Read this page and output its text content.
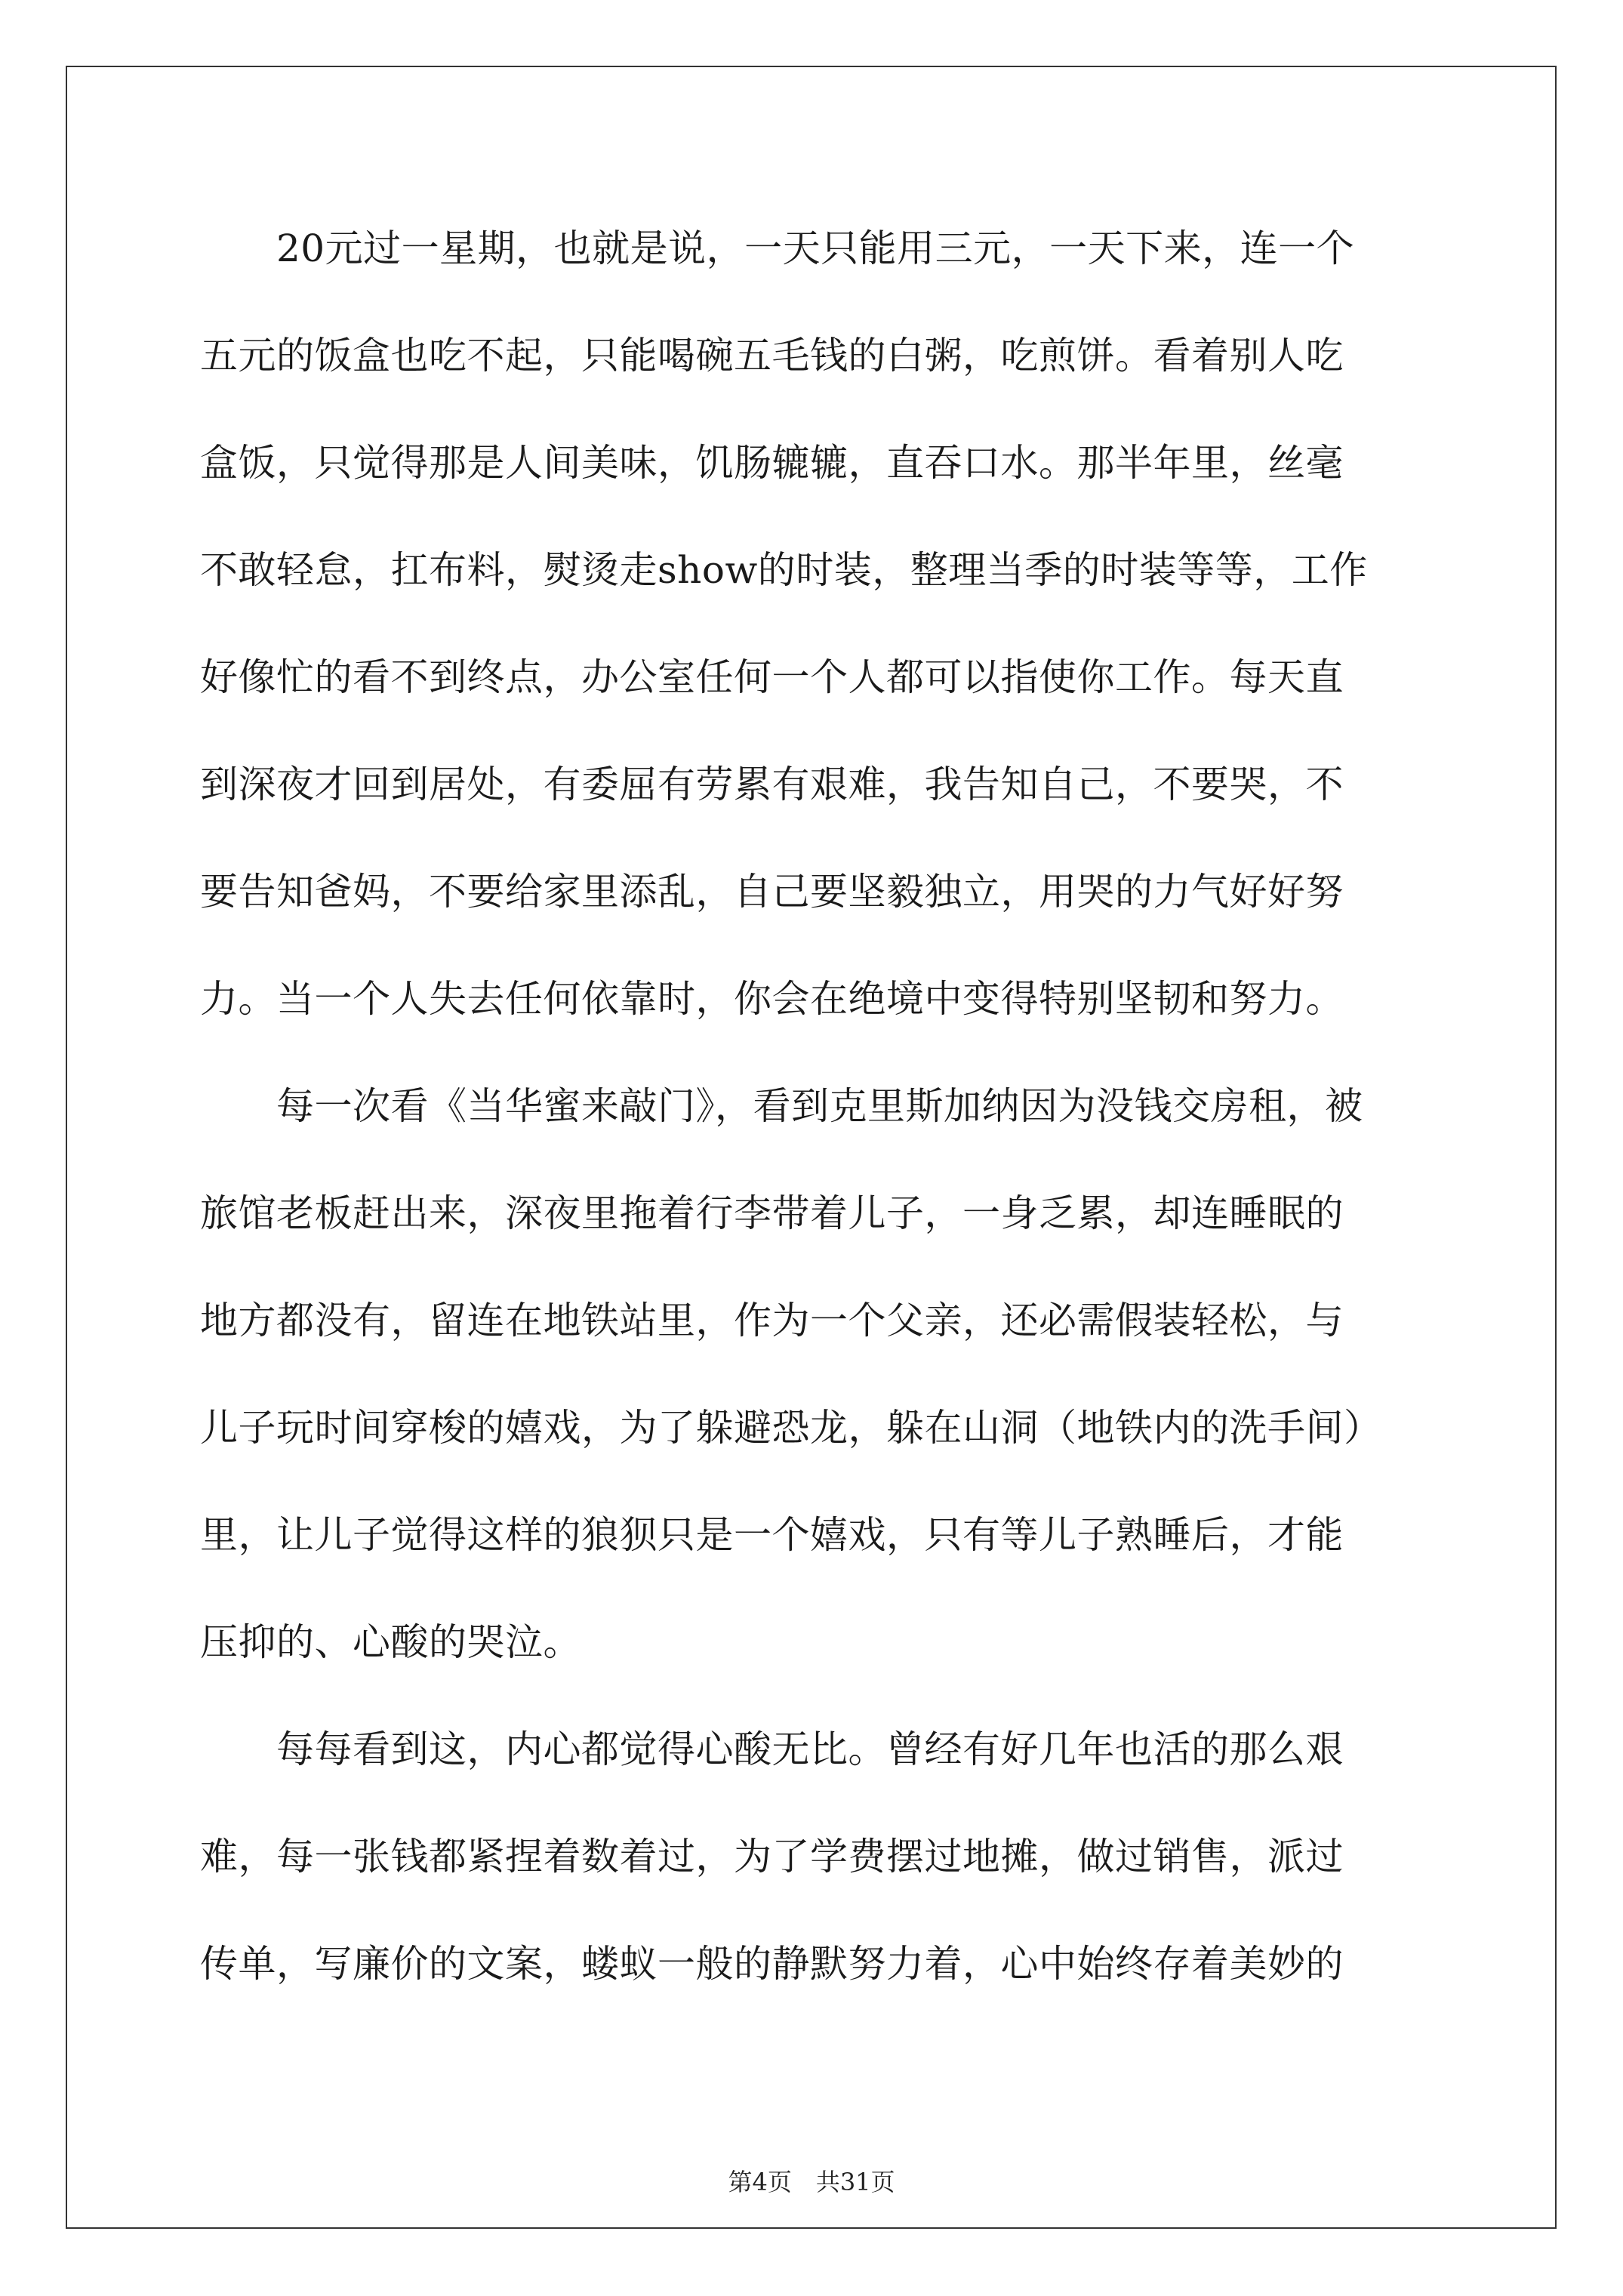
　　20元过一星期，也就是说，一天只能用三元，一天下来，连一个
五元的饭盒也吃不起，只能喝碗五毛钱的白粥，吃煎饼。看着别人吃
盒饭，只觉得那是人间美味，饥肠辘辘，直吞口水。那半年里，丝毫
不敢轻怠，扛布料，熨烫走show的时装，整理当季的时装等等，工作
好像忙的看不到终点，办公室任何一个人都可以指使你工作。每天直
到深夜才回到居处，有委屈有劳累有艰难，我告知自己，不要哭，不
要告知爸妈，不要给家里添乱，自己要坚毅独立，用哭的力气好好努
力。当一个人失去任何依靠时，你会在绝境中变得特别坚韧和努力。
　　每一次看《当华蜜来敲门》，看到克里斯加纳因为没钱交房租，被
旅馆老板赶出来，深夜里拖着行李带着儿子，一身乏累，却连睡眠的
地方都没有，留连在地铁站里，作为一个父亲，还必需假装轻松，与
儿子玩时间穿梭的嬉戏，为了躲避恐龙，躲在山洞（地铁内的洗手间）
里，让儿子觉得这样的狼狈只是一个嬉戏，只有等儿子熟睡后，才能
压抑的、心酸的哭泣。
　　每每看到这，内心都觉得心酸无比。曾经有好几年也活的那么艰
难，每一张钱都紧捏着数着过，为了学费摆过地摊，做过销售，派过
传单，写廉价的文案，蝼蚁一般的静默努力着，心中始终存着美妙的
第4页　共31页
